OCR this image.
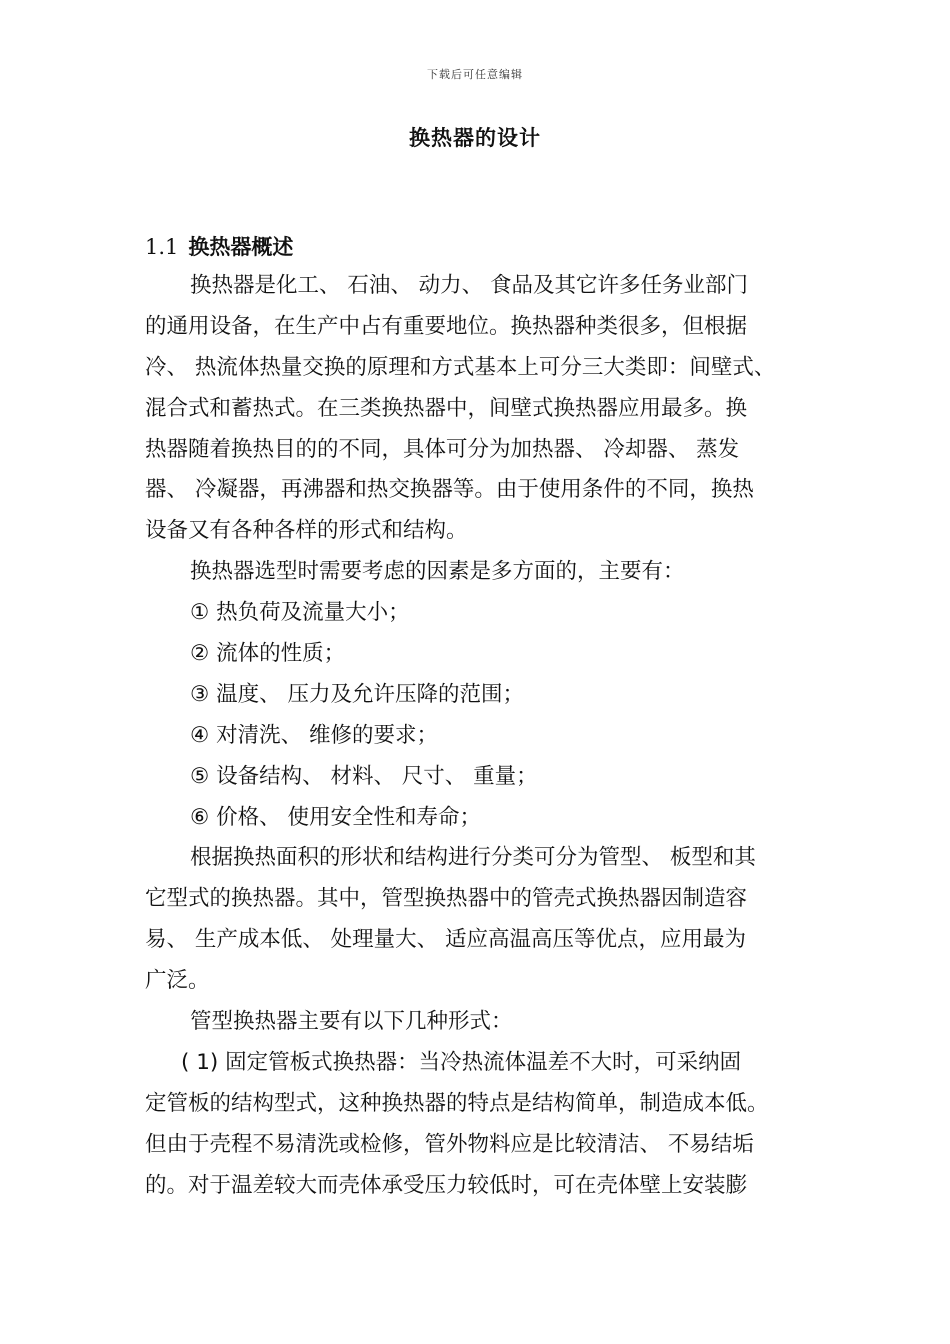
下载后可任意编辑
换热器的设计
1.1 换热器概述
换热器是化工、 石油、 动力、 食品及其它许多任务业部门
的通用设备，在生产中占有重要地位。换热器种类很多，但根据
冷、 热流体热量交换的原理和方式基本上可分三大类即：间壁式、
混合式和蓄热式。在三类换热器中，间壁式换热器应用最多。换
热器随着换热目的的不同，具体可分为加热器、 冷却器、 蒸发
器、 冷凝器，再沸器和热交换器等。由于使用条件的不同，换热
设备又有各种各样的形式和结构。
换热器选型时需要考虑的因素是多方面的，主要有：
① 热负荷及流量大小；
② 流体的性质；
③ 温度、 压力及允许压降的范围；
④ 对清洗、 维修的要求；
⑤ 设备结构、 材料、 尺寸、 重量；
⑥ 价格、 使用安全性和寿命；
根据换热面积的形状和结构进行分类可分为管型、 板型和其
它型式的换热器。其中，管型换热器中的管壳式换热器因制造容
易、 生产成本低、 处理量大、 适应高温高压等优点，应用最为
广泛。
管型换热器主要有以下几种形式：
( 1) 固定管板式换热器：当冷热流体温差不大时，可采纳固
定管板的结构型式，这种换热器的特点是结构简单，制造成本低。
但由于壳程不易清洗或检修，管外物料应是比较清洁、 不易结垢
的。对于温差较大而壳体承受压力较低时，可在壳体壁上安装膨
